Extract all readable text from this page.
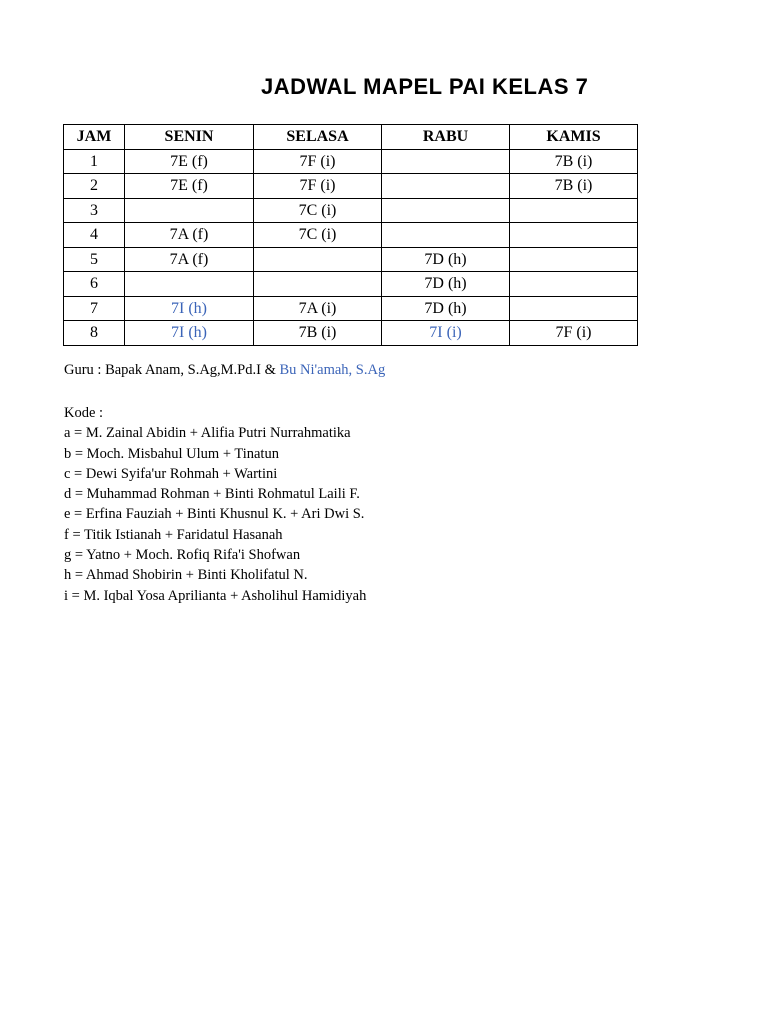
JADWAL MAPEL PAI KELAS 7
JAM	SENIN	SELASA	RABU	KAMIS
1	7E (f)	7F (i)		7B (i)
2	7E (f)	7F (i)		7B (i)
3		7C (i)		
4	7A (f)	7C (i)		
5	7A (f)		7D (h)	
6			7D (h)	
7	7I (h)	7A (i)	7D (h)	
8	7I (h)	7B (i)	7I (i)	7F (i)
Guru : Bapak Anam, S.Ag,M.Pd.I & Bu Ni'amah, S.Ag
Kode :
a = M. Zainal Abidin + Alifia Putri Nurrahmatika
b = Moch. Misbahul Ulum + Tinatun
c = Dewi Syifa'ur Rohmah + Wartini
d = Muhammad Rohman + Binti Rohmatul Laili F.
e = Erfina Fauziah + Binti Khusnul K. + Ari Dwi S.
f = Titik Istianah + Faridatul Hasanah
g = Yatno + Moch. Rofiq Rifa'i Shofwan
h = Ahmad Shobirin + Binti Kholifatul N.
i = M. Iqbal Yosa Aprilianta + Asholihul Hamidiyah
